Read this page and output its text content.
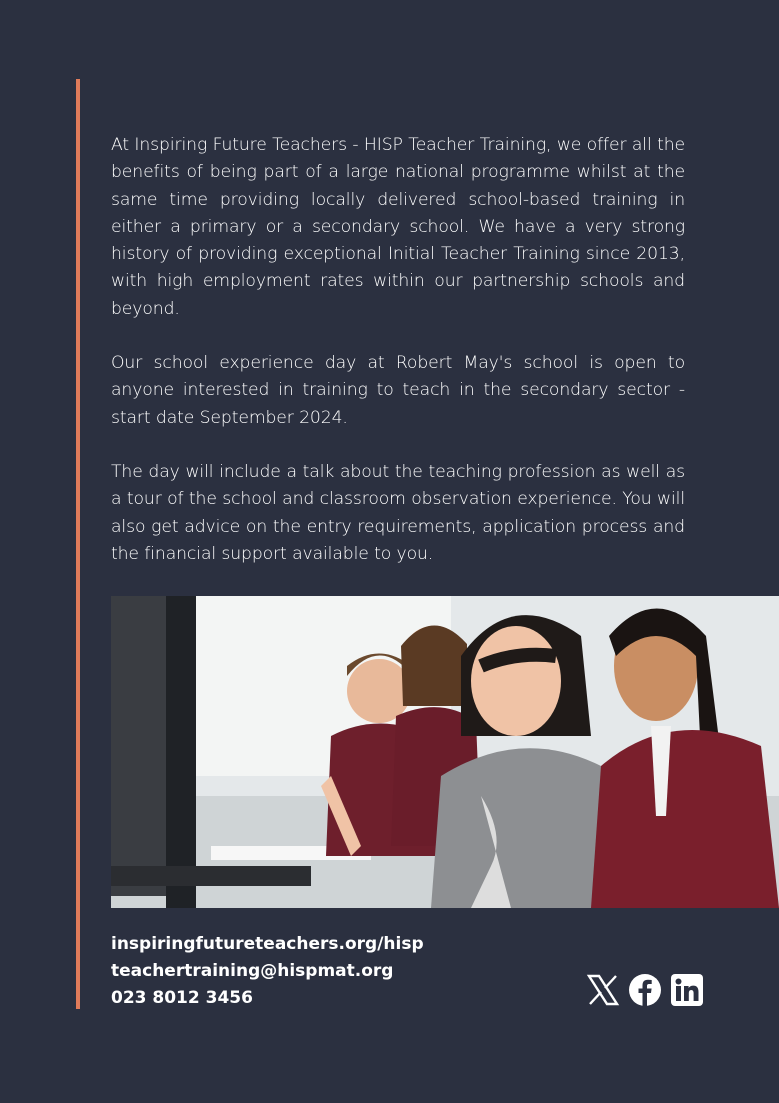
At Inspiring Future Teachers - HISP Teacher Training, we offer all the benefits of being part of a large national programme whilst at the same time providing locally delivered school-based training in either a primary or a secondary school. We have a very strong history of providing exceptional Initial Teacher Training since 2013, with high employment rates within our partnership schools and beyond.

Our school experience day at Robert May's school is open to anyone interested in training to teach in the secondary sector - start date September 2024.

The day will include a talk about the teaching profession as well as a tour of the school and classroom observation experience. You will also get advice on the entry requirements, application process and the financial support available to you.

inspiringfutureteachers.org/hisp
teachertraining@hispmat.org
023 8012 3456
